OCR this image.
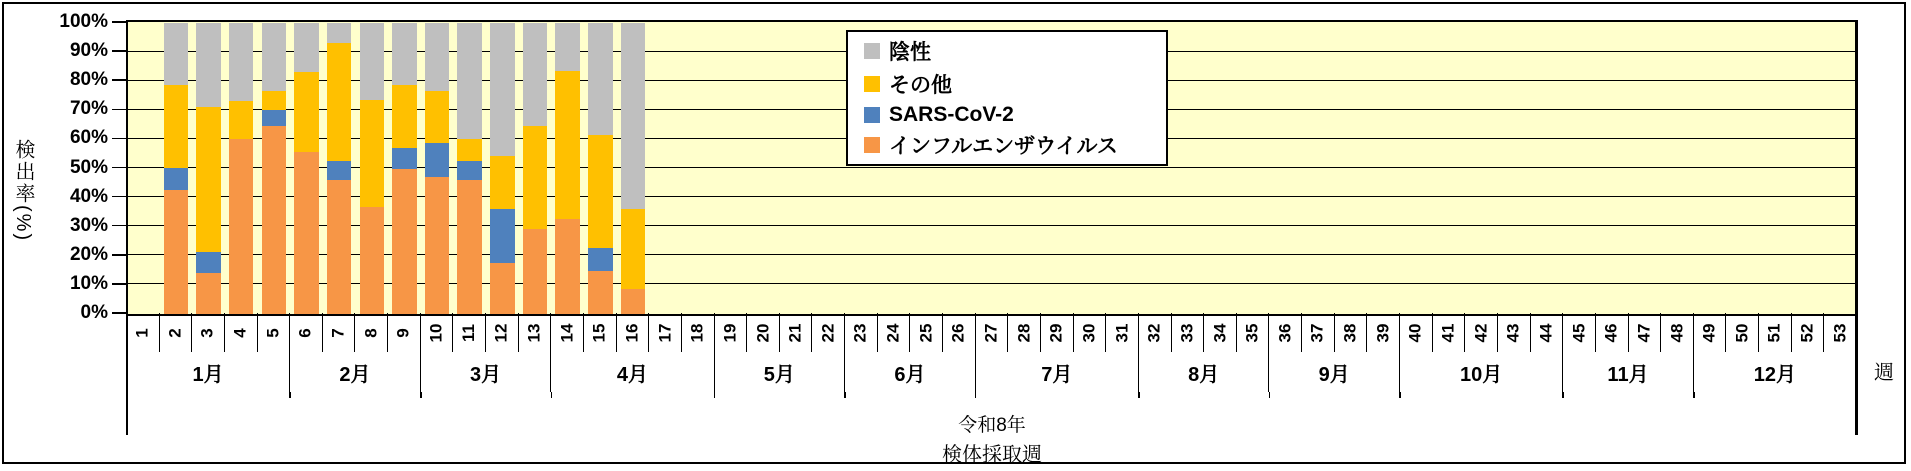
検出率(%)
0%
10%
20%
30%
40%
50%
60%
70%
80%
90%
100%
1 2 3 4 5 6 7 8 9 10 11 12 13 14 15 16 17 18 19 20 21 22 23 24 25 26 27 28 29 30 31 32 33 34 35 36 37 38 39 40 41 42 43 44 45 46 47 48 49 50 51 52 53
1月	2月	3月	4月	5月	6月	7月	8月	9月	10月	11月	12月
令和8年
検体採取週
週
陰性
その他
SARS-CoV-2
インフルエンザウイルス
